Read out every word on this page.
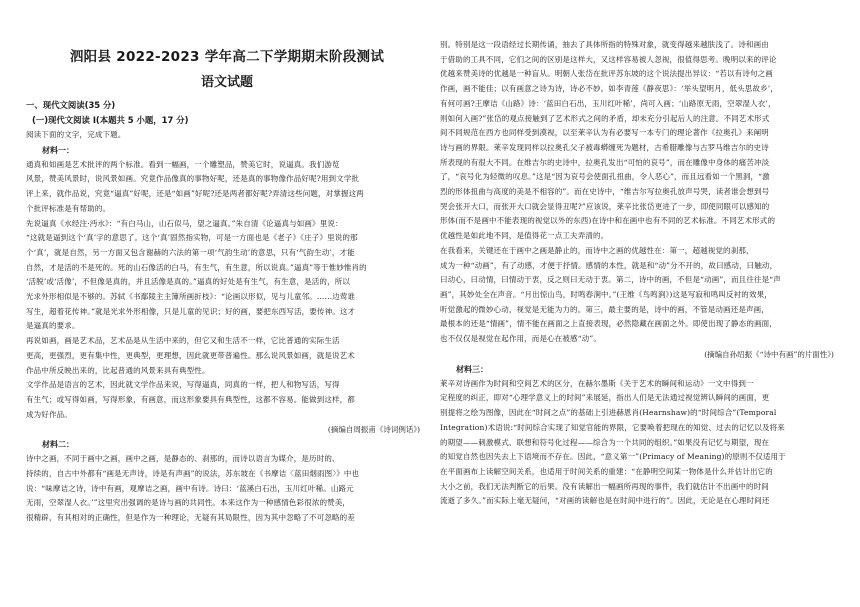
泗阳县 2022-2023 学年高二下学期期末阶段测试
语文试题
一、现代文阅读(35 分)
(一)现代文阅读 I(本题共 5 小题，17 分)
阅读下面的文字，完成下题。
材料一：
通真和如画是艺术批评的两个标准。看到一幅画，一个雕塑品，赞美它时，说逼真。我们游览
风景，赞美风景时，说风景如画。究竟作品像真的事物好呢，还是真的事物像作品好呢?用到文学批
评上来，就作品说，究竟“逼真”好呢，还是“如画”好呢?还是两者都好呢?弄清这些问题，对掌握这两
个批评标准是有帮助的。
先说逼真《水经注·沔水》：“有白马山，山石似马，望之逼真。”朱自清《论逼真与如画》里说：
“这就是逼到这个‘真’字的意思了。这个‘真’固然指实物，可是一方面也是《老子》《庄子》里说的那
个‘真’，就是自然，另一方面又包含谢赫的六法的第一项‘气韵生动’的意思，只有‘气韵生动’，才能
自然，才是活的不是死的。死的山石像活的白马，有生气，有生意，所以说真。”逼真”等于惟妙惟肖的
‘活脱’或‘活像’，不但像是真的，并且活像是真的。”逼真的好处是有生气，有生意，是活的，所以
光求外形相似是不够的。苏轼《书鄢陵主主簿所画折枝》：“论画以形似，见与儿童邻。……边莺谁
写生，超着花传神。”就是光求外形相像，只是儿童的见识；好的画，要把东西写活，要传神。这才
是逼真的要求。
再说如画，画是艺术品，艺术品是从生活中来的，但它又和生活不一样，它比普通的实际生活
更高，更强烈，更有集中性，更典型，更理想，因此就更带普遍性。那么说风景如画，就是说艺术
作品中所反映出来的，比起普通的风景来具有典型性。
文学作品是语言的艺术，因此就文学作品来说，写得逼真，同真的一样，把人和物写活，写得
有生气；或写得如画，写得形象，有画意，而这形象要具有典型性，这都不容易。能做到这样，都
成为好作品。
(摘编自周振甫《诗词例话》)
材料二：
诗中之画，不同于画中之画，画中之画，是静态的、刹那的，而诗以语言为媒介，是历时的、
持续的，自古中外都有“画是无声诗，诗是有声画”的说法，苏东坡在《书摩诘〈蓝田烟雨图〉》中也
说：“味摩诘之诗，诗中有画，观摩诘之画，画中有诗。诗曰：‘蓝溪白石出，玉川红叶稀。山路元
无雨，空翠湿人衣。’”这里究出强调的是诗与画的共同性。本来这作为一种感情色彩很浓的赞美，
很精辟，有其相对的正确性，但是作为一种理论，无疑有其局限性，因为其中忽略了不可忽略的差
别。特别是这一段语经过长期传诵，抽去了具体所指的特殊对象，就变得越来越肤浅了。诗和画由
于借助的工具不同，它们之间的区别是这样大，又这样容易被人忽视，很值得思考。晚明以来的评论
优越来赞美诗的优越是一种盲从。明朝人张岱在批评苏东坡的这个说法提出异议：“若以有诗句之画
作画，画不能佳；以有画意之诗为诗，诗必不妙。如李青莲《静夜思》：‘举头望明月，低头思故乡’，
有何可画?王摩诘《山路》诗：‘蓝田白石出，玉川红叶稀’，尚可入画；‘山路原无雨，空翠湿人衣’，
则如何入画?”张岱的观点接触到了艺术形式之间的矛盾，却未充分引起后人的注意。不同艺术形式
间不同规范在西方也同样受到漠视，以至莱辛认为有必要写一本专门的理论著作《拉奥孔》来阐明
诗与画的界限。莱辛发现同样以拉奥孔父子被毒蟒缠死为题材，古希腊雕像与古罗马维吉尔的史诗
所表现的有很大不同。在维吉尔的史诗中，拉奥孔发出“可怕的哀号”，而在雕像中身体的痛苦冲淡
了，“哀号化为轻微的叹息。”这是“因为哀号会使面孔扭曲，令人恶心”，而且远看如一个黑洞，“激
烈的形体扭曲与高度的美是不相容的”。而在史诗中，“维吉尔写拉奥孔放声号哭，读者谁会想到号
哭会张开大口，而张开大口就会显得丑呢?”应该说，莱辛比张岱更进了一步，即使同眼可以感知的
形体(而不是画中不能表现的视觉以外的东西)在诗中和在画中也有不同的艺术标准。不同艺术形式的
优越性是如此地不同，是值得花一点工夫弄清的。
在我看来，关键还在于画中之画是静止的，而诗中之画的优越性在：第一，超越视觉的刹那，
成为一种“动画”，有了动感，才便于抒情。感情的本性，就是和“动”分不开的，故曰感动，曰触动，
曰动心，曰动情，曰情动于衷，反之则曰无动于衷。第二，诗中的画，不但是“动画”，而且往往是“声
画”，其妙处全在声音。“月出惊山鸟，时鸣春涧中。”(王维《鸟鸣涧》)这是写寂和鸣叫反衬的效果，
听觉激起的微妙心动，视觉是无能为力的。第三，最主要的是，诗中的画，不管是动画还是声画，
最根本的还是“情画”，情不能在画面之上直接表现，必然隐藏在画面之外。即使出现了静态的画面，
也不仅仅是视觉在起作用，而是心在被感“动”。
(摘编自孙绍振《“诗中有画”的片面性》)
材料三：
莱辛对诗画作为时间和空间艺术的区分，在赫尔墨斯《关于艺术的瞬间和运动》一文中得到一
定程度的纠正，即对“心理学意义上的时间”来展延，指出人们是无法通过视觉辨认瞬间的画面，更
别提将之绘为图像，因此在“时间之点”的基础上引进赫恩肖(Hearnshaw)的“时间综合”(Temporal
Integration)术语说:“时间综合实现了知觉官能的界限，它要唤着把现在的知觉、过去的记忆以及将来
的期望——刺激模式、联想和符号化过程——综合为一个共同的组织。”如果没有记忆与期望，现在
的知觉自然也因失去上下语境而不存在。因此，“意义第一”(Primacy of Meaning)的原则不仅适用于
在平面画布上读解空间关系，也适用于时间关系的重建：“在静明空间某一物体是什么并估计出它的
大小之前，我们无法判断它的后果。没有读解出一幅画所再现的事件，我们就估计不出画中的时间
流逝了多久。”而实际上毫无疑问，“对画的读解也是在时间中进行的”。因此，无论是在心理时间还
